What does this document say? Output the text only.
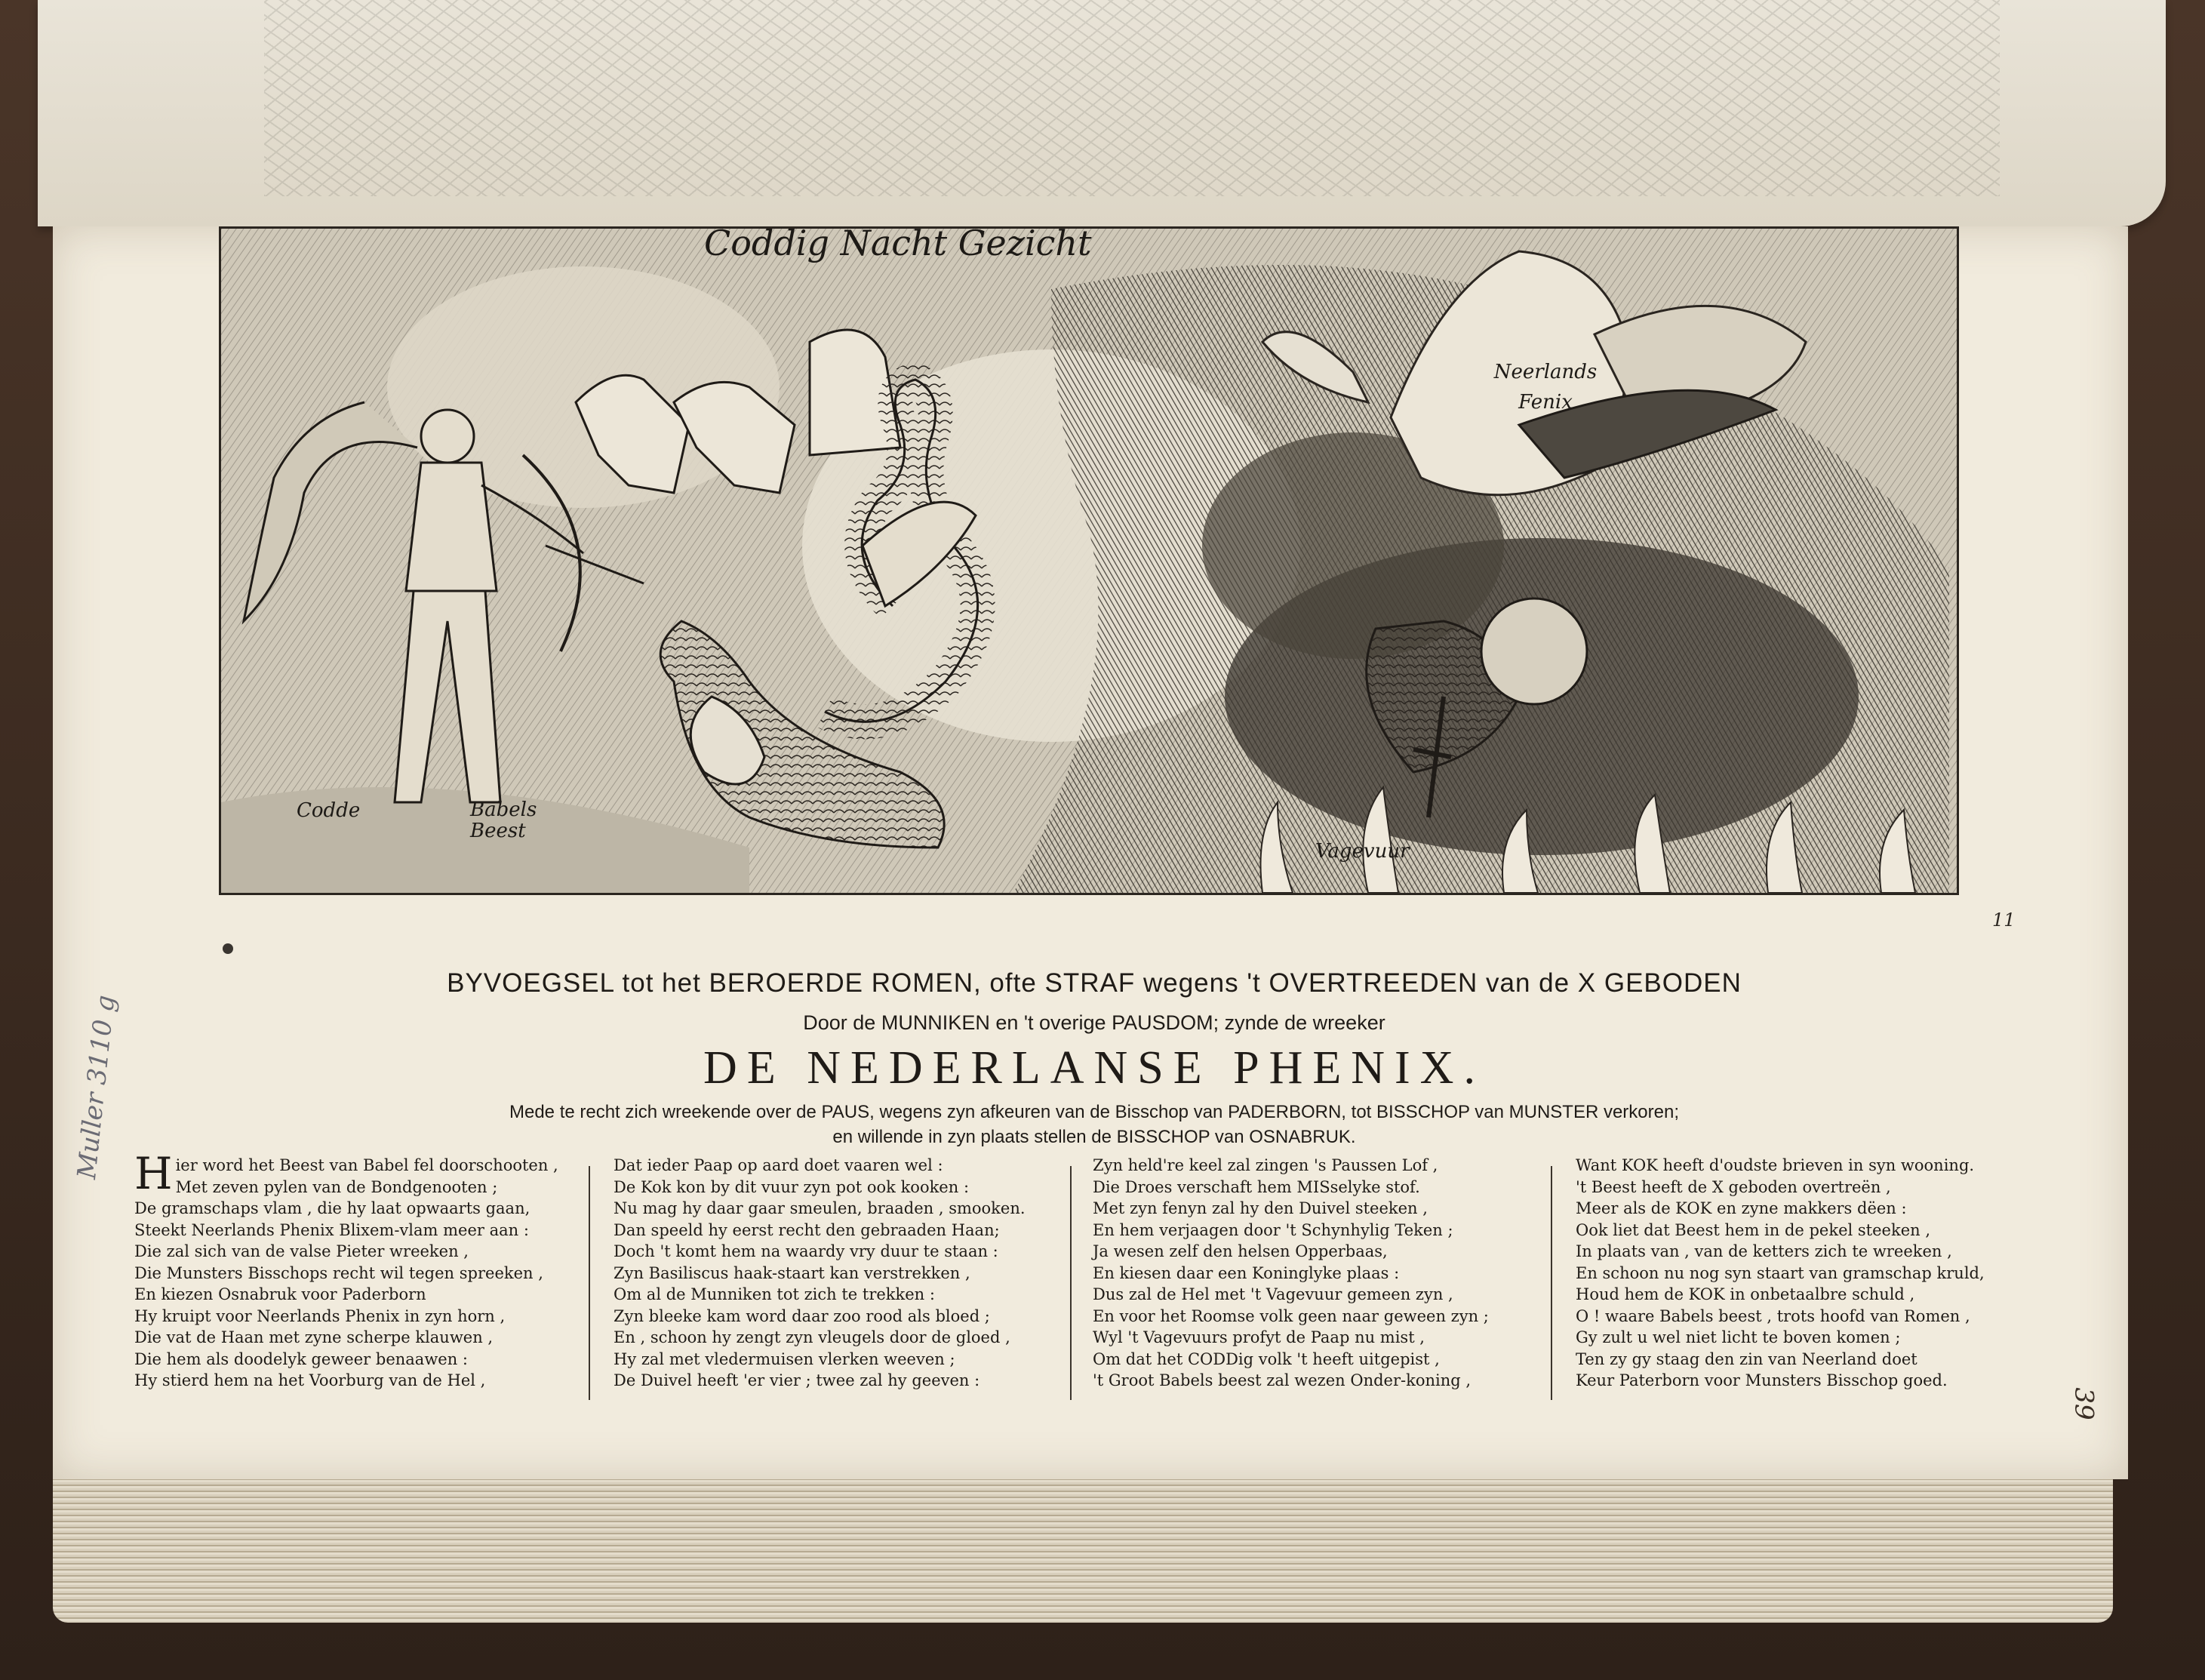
Coddig Nacht Gezicht
Codde	Babels Beest
Neerlands Fenix
Vagevuur
11
BYVOEGSEL tot het BEROERDE ROMEN, ofte STRAF wegens 't OVERTREEDEN van de X GEBODEN
Door de MUNNIKEN en 't overige PAUSDOM; zynde de wreeker
DE NEDERLANSE PHENIX.
Mede te recht zich wreekende over de PAUS, wegens zyn afkeuren van de Bisschop van PADERBORN, tot BISSCHOP van MUNSTER verkoren;
en willende in zyn plaats stellen de BISSCHOP van OSNABRUK.
H ier word het Beest van Babel fel doorschooten ,
Met zeven pylen van de Bondgenooten ;
De gramschaps vlam , die hy laat opwaarts gaan,
Steekt Neerlands Phenix Blixem-vlam meer aan :
Die zal sich van de valse Pieter wreeken ,
Die Munsters Bisschops recht wil tegen spreeken ,
En kiezen Osnabruk voor Paderborn
Hy kruipt voor Neerlands Phenix in zyn horn ,
Die vat de Haan met zyne scherpe klauwen ,
Die hem als doodelyk geweer benaawen :
Hy stierd hem na het Voorburg van de Hel ,
Dat ieder Paap op aard doet vaaren wel :
De Kok kon by dit vuur zyn pot ook kooken :
Nu mag hy daar gaar smeulen, braaden , smooken.
Dan speeld hy eerst recht den gebraaden Haan;
Doch 't komt hem na waardy vry duur te staan :
Zyn Basiliscus haak-staart kan verstrekken ,
Om al de Munniken tot zich te trekken :
Zyn bleeke kam word daar zoo rood als bloed ;
En , schoon hy zengt zyn vleugels door de gloed ,
Hy zal met vledermuisen vlerken weeven ;
De Duivel heeft 'er vier ; twee zal hy geeven :
Zyn held're keel zal zingen 's Paussen Lof ,
Die Droes verschaft hem MISselyke stof.
Met zyn fenyn zal hy den Duivel steeken ,
En hem verjaagen door 't Schynhylig Teken ;
Ja wesen zelf den helsen Opperbaas,
En kiesen daar een Koninglyke plaas :
Dus zal de Hel met 't Vagevuur gemeen zyn ,
En voor het Roomse volk geen naar geween zyn ;
Wyl 't Vagevuurs profyt de Paap nu mist ,
Om dat het CODDig volk 't heeft uitgepist ,
't Groot Babels beest zal wezen Onder-koning ,
Want KOK heeft d'oudste brieven in syn wooning.
't Beest heeft de X geboden overtreën ,
Meer als de KOK en zyne makkers dëen :
Ook liet dat Beest hem in de pekel steeken ,
In plaats van , van de ketters zich te wreeken ,
En schoon nu nog syn staart van gramschap kruld,
Houd hem de KOK in onbetaalbre schuld ,
O ! waare Babels beest , trots hoofd van Romen ,
Gy zult u wel niet licht te boven komen ;
Ten zy gy staag den zin van Neerland doet
Keur Paterborn voor Munsters Bisschop goed.
Muller 3110 g
39
